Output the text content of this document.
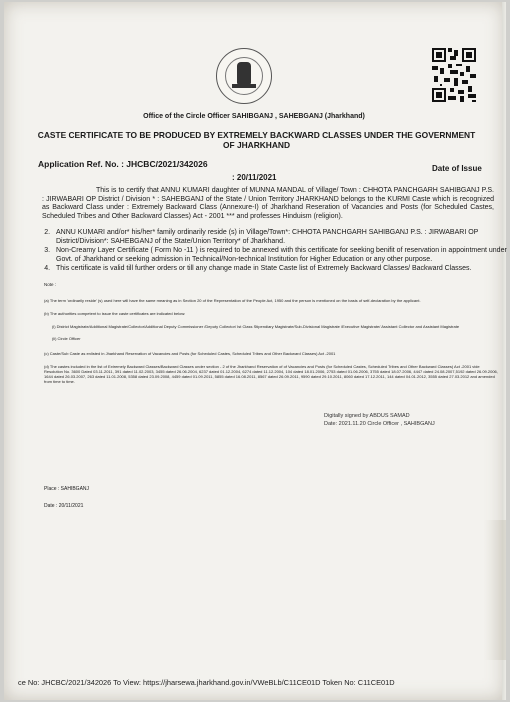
Office of the Circle Officer SAHIBGANJ , SAHEBGANJ (Jharkhand)

CASTE CERTIFICATE TO BE PRODUCED BY EXTREMELY BACKWARD CLASSES UNDER THE GOVERNMENT OF JHARKHAND

Application Ref. No. : JHCBC/2021/342026	Date of Issue

: 20/11/2021

This is to certify that ANNU KUMARI daughter of MUNNA MANDAL of Village/ Town : CHHOTA PANCHGARH SAHIBGANJ P.S. : JIRWABARI OP District / Division * : SAHEBGANJ of the State / Union Territory JHARKHAND belongs to the KURMI Caste which is recognized as Backward Class under : Extremely Backward Class (Annexure-I) of Jharkhand Reseration of Vacancies and Posts (for Scheduled Castes, Scheduled Tribes and Other Backward Classes) Act - 2001 *** and professes Hinduism (religion).

2. ANNU KUMARI and/or* his/her* family ordinarily reside (s) in Village/Town*: CHHOTA PANCHGARH SAHIBGANJ P.S. : JIRWABARI OP District/Division*: SAHEBGANJ of the State/Union Territory* of Jharkhand.
3. Non-Creamy Layer Certificate ( Form No -11 ) is required to be annexed with this certificate for seeking benifit of reservation in appointment under Govt. of Jharkhand or seeking admission in Technical/Non-technical Institution for Higher Education or any other purpose.
4. This certificate is valid till further orders or till any change made in State Caste list of Extremely Backward Classes/ Backward Classes.

Note :

(a) The term 'ordinarily reside' (s) used here will have the same meaning as in Section 20 of the Representation of the People Act, 1950 and the person is mentioned on the basis of self-declaration by the applicant.

(b) The authorities competent to issue the caste certificates are indicated below:

(i) District Magistrate/Additional Magistrate/Collector/Additional Deputy Commissioner /Deputy Collector/ Ist Class Stipendiary Magistrate/Sub-Divisional Magistrate /Executive Magistrate/ Assistant Collector and Assistant Magistrate

(ii) Circle Officer

(c) Caste/Sub Caste as enlisted in Jharkhand Reservation of Vacancies and Posts (for Scheduled Castes, Scheduled Tribes and Other Backward Classes) Act -2001

(d) The castes included in the list of Extremely Backward Classes/Backward Classes under section - 2 of the Jharkhand Reservation of of Vacancies and Posts (for Scheduled Castes, Scheduled Tribes and Other Backward Classes) Act -2001 vide Resolution No. 3600 Dated 03.11.2011, 391 dated 11.02.2003, 3455 dated 26.06.2004, 6237 dated 01.12.2004, 6274 dated 11.12.2004, 104 dated 18.01.2006, 2753 dated 01.06.2006, 3755 dated 18.07.2006, 4447 dated 24.08.2007,5192 dated 26.09.2006, 1644 dated 26.03.2007, 263 dated 11.01.2008, 5358 dated 23.09.2008, 4459 dated 01.09.2011, 5855 dated 16.08.2011, 8567 dated 26.09.2011, 9590 dated 29.10.2011, 8060 dated 17.12.2011, 144 dated 04.01.2012, 3555 dated 27.03.2012 and amended from time to time.

Digitally signed by ABDUS SAMAD

Date: 2021.11.20 Circle Officer , SAHIBGANJ

Place : SAHIBGANJ

Date : 20/11/2021

ce No: JHCBC/2021/342026 To View: https://jharsewa.jharkhand.gov.in/VWeBLb/C11CE01D Token No: C11CE01D
